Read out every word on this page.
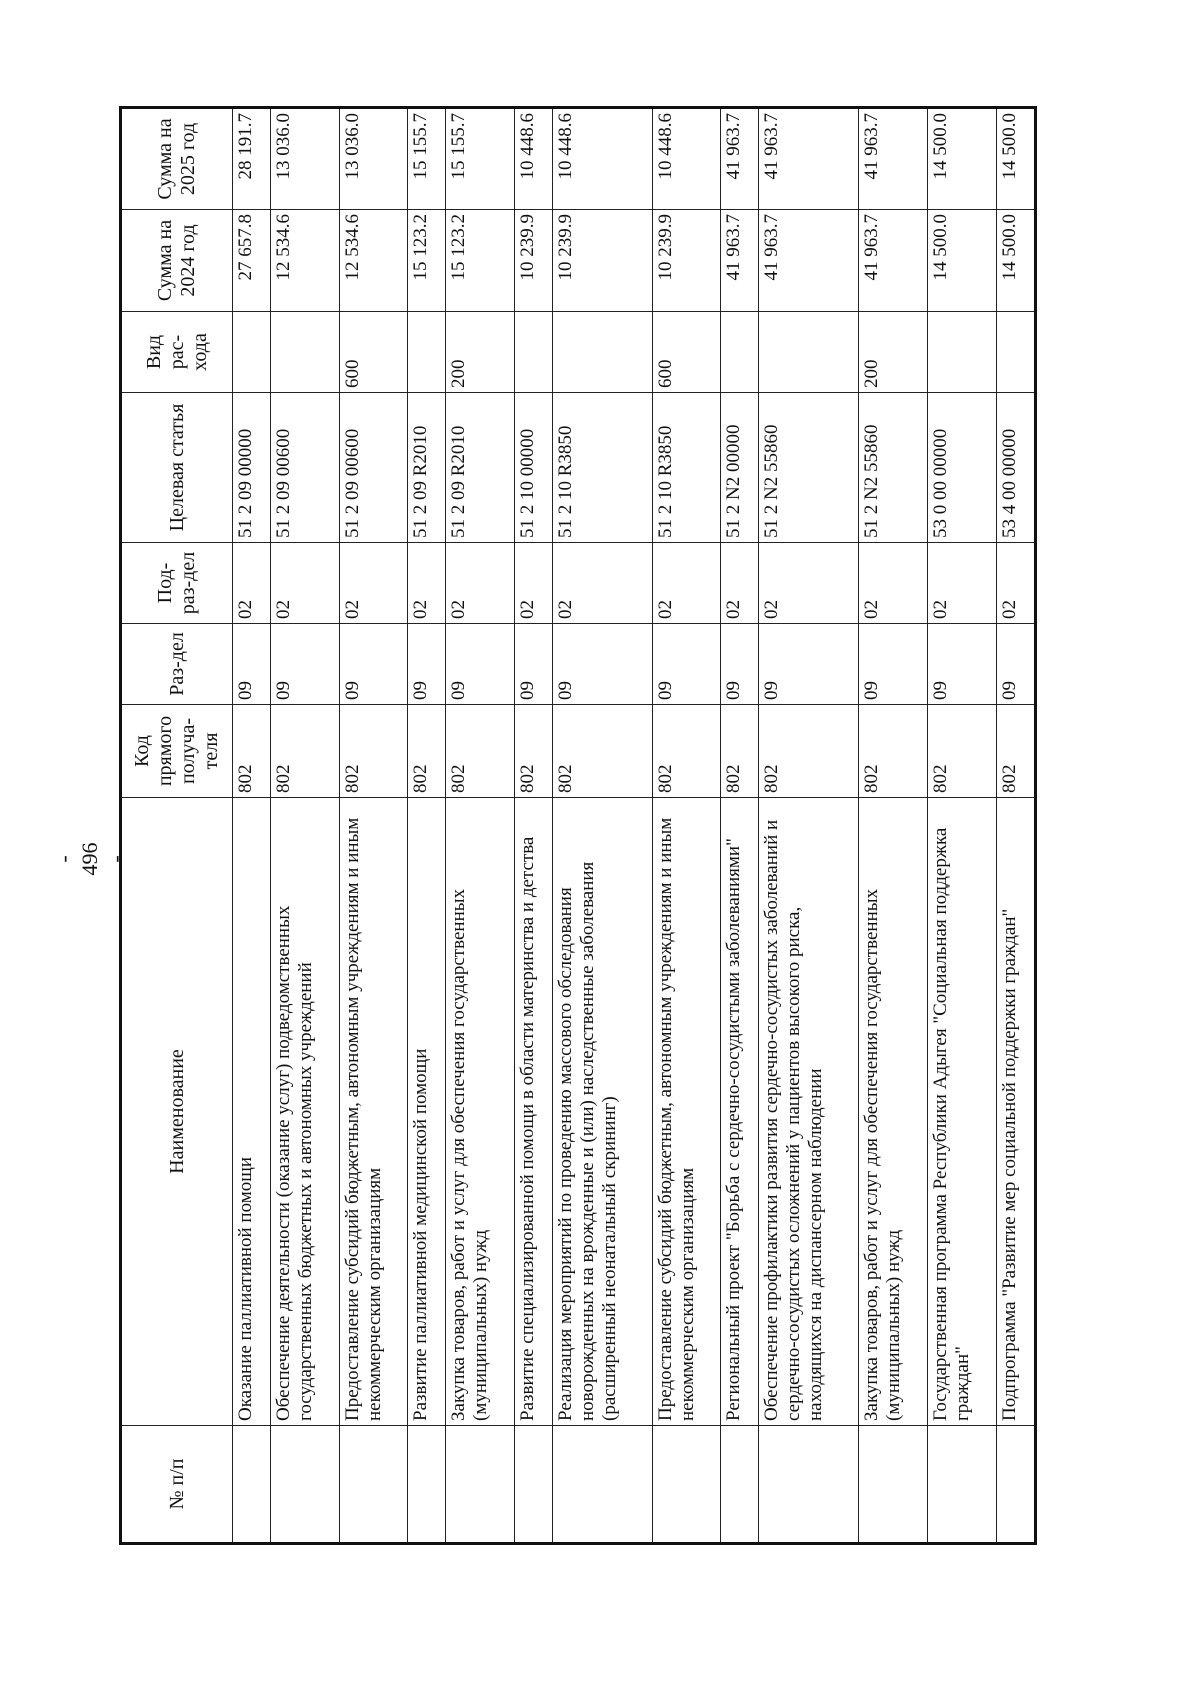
- 496 -
№ п/п	Наименование	Код прямого получа-теля	Раз-дел	Под-раз-дел	Целевая статья	Вид рас-хода	Сумма на 2024 год	Сумма на 2025 год
	Оказание паллиативной помощи	802	09	02	51 2 09 00000		27 657.8	28 191.7
	Обеспечение деятельности (оказание услуг) подведомственных государственных бюджетных и автономных учреждений	802	09	02	51 2 09 00600		12 534.6	13 036.0
	Предоставление субсидий бюджетным, автономным учреждениям и иным некоммерческим организациям	802	09	02	51 2 09 00600	600	12 534.6	13 036.0
	Развитие паллиативной медицинской помощи	802	09	02	51 2 09 R2010		15 123.2	15 155.7
	Закупка товаров, работ и услуг для обеспечения государственных (муниципальных) нужд	802	09	02	51 2 09 R2010	200	15 123.2	15 155.7
	Развитие специализированной помощи в области материнства и детства	802	09	02	51 2 10 00000		10 239.9	10 448.6
	Реализация мероприятий по проведению массового обследования новорожденных на врожденные и (или) наследственные заболевания (расширенный неонатальный скрининг)	802	09	02	51 2 10 R3850		10 239.9	10 448.6
	Предоставление субсидий бюджетным, автономным учреждениям и иным некоммерческим организациям	802	09	02	51 2 10 R3850	600	10 239.9	10 448.6
	Региональный проект "Борьба с сердечно-сосудистыми заболеваниями"	802	09	02	51 2 N2 00000		41 963.7	41 963.7
	Обеспечение профилактики развития сердечно-сосудистых заболеваний и сердечно-сосудистых осложнений у пациентов высокого риска, находящихся на диспансерном наблюдении	802	09	02	51 2 N2 55860		41 963.7	41 963.7
	Закупка товаров, работ и услуг для обеспечения государственных (муниципальных) нужд	802	09	02	51 2 N2 55860	200	41 963.7	41 963.7
	Государственная программа Республики Адыгея "Социальная поддержка граждан"	802	09	02	53 0 00 00000		14 500.0	14 500.0
	Подпрограмма "Развитие мер социальной поддержки граждан"	802	09	02	53 4 00 00000		14 500.0	14 500.0
